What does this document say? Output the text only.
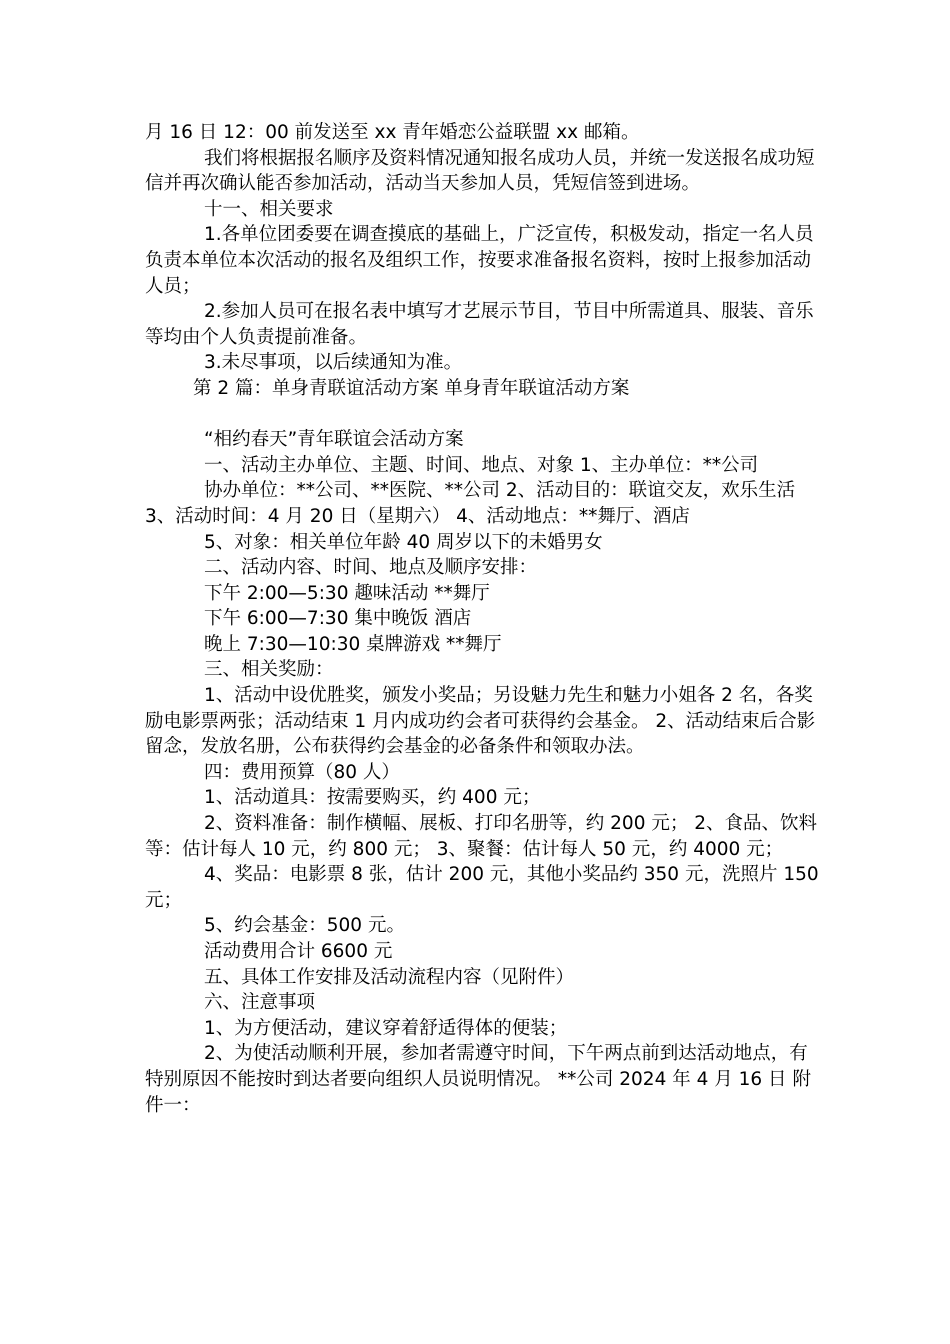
月 16 日 12：00 前发送至 xx 青年婚恋公益联盟 xx 邮箱。

我们将根据报名顺序及资料情况通知报名成功人员，并统一发送报名成功短信并再次确认能否参加活动，活动当天参加人员，凭短信签到进场。

十一、相关要求

1.各单位团委要在调查摸底的基础上，广泛宣传，积极发动，指定一名人员负责本单位本次活动的报名及组织工作，按要求准备报名资料，按时上报参加活动人员；

2.参加人员可在报名表中填写才艺展示节目，节目中所需道具、服装、音乐等均由个人负责提前准备。

3.未尽事项，以后续通知为准。

第 2 篇：单身青联谊活动方案 单身青年联谊活动方案

“相约春天”青年联谊会活动方案

一、活动主办单位、主题、时间、地点、对象 1、主办单位：**公司

协办单位：**公司、**医院、**公司 2、活动目的：联谊交友，欢乐生活 3、活动时间：4 月 20 日（星期六） 4、活动地点：**舞厅、酒店

5、对象：相关单位年龄 40 周岁以下的未婚男女

二、活动内容、时间、地点及顺序安排：

下午 2:00—5:30 趣味活动 **舞厅

下午 6:00—7:30 集中晚饭 酒店

晚上 7:30—10:30 桌牌游戏 **舞厅

三、相关奖励：

1、活动中设优胜奖，颁发小奖品；另设魅力先生和魅力小姐各 2 名，各奖励电影票两张；活动结束 1 月内成功约会者可获得约会基金。 2、活动结束后合影留念，发放名册，公布获得约会基金的必备条件和领取办法。

四：费用预算（80 人）

1、活动道具：按需要购买，约 400 元；

2、资料准备：制作横幅、展板、打印名册等，约 200 元； 2、食品、饮料等：估计每人 10 元，约 800 元； 3、聚餐：估计每人 50 元，约 4000 元；

4、奖品：电影票 8 张，估计 200 元，其他小奖品约 350 元，洗照片 150 元；

5、约会基金：500 元。

活动费用合计 6600 元

五、具体工作安排及活动流程内容（见附件）

六、注意事项

1、为方便活动，建议穿着舒适得体的便装；

2、为使活动顺利开展，参加者需遵守时间，下午两点前到达活动地点，有特别原因不能按时到达者要向组织人员说明情况。 **公司 2024 年 4 月 16 日 附件一：
